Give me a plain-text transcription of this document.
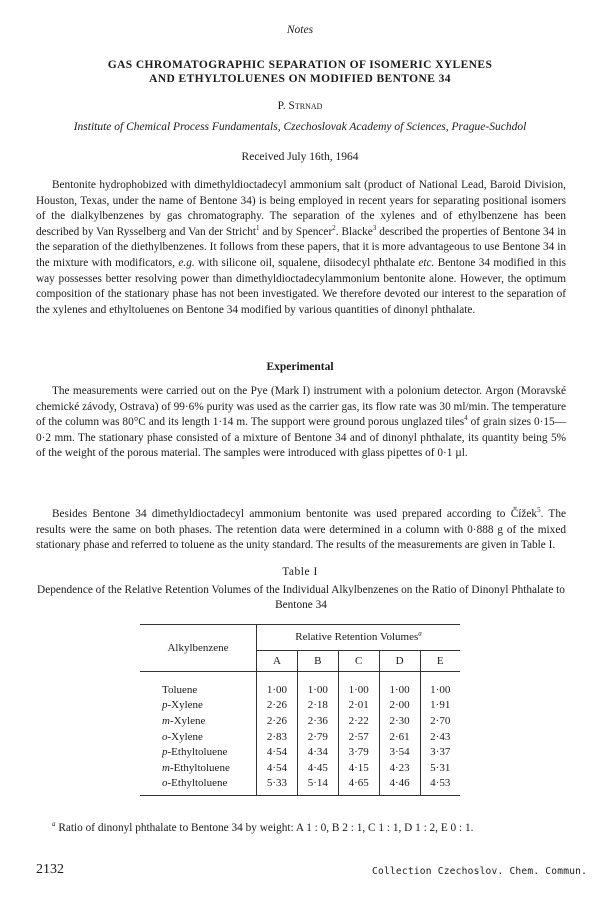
Notes
GAS CHROMATOGRAPHIC SEPARATION OF ISOMERIC XYLENES
AND ETHYLTOLUENES ON MODIFIED BENTONE 34
P. Strnad
Institute of Chemical Process Fundamentals, Czechoslovak Academy of Sciences, Prague-Suchdol
Received July 16th, 1964

Bentonite hydrophobized with dimethyldioctadecyl ammonium salt (product of National Lead, Baroid Division, Houston, Texas, under the name of Bentone 34) is being employed in recent years for separating positional isomers of the dialkylbenzenes by gas chromatography. The separation of the xylenes and of ethylbenzene has been described by Van Rysselberg and Van der Stricht$^1$ and by Spencer$^2$. Blacke$^3$ described the properties of Bentone 34 in the separation of the diethylbenzenes. It follows from these papers, that it is more advantageous to use Bentone 34 in the mixture with modificators, e.g. with silicone oil, squalene, diisodecyl phthalate etc. Bentone 34 modified in this way possesses better resolving power than dimethyldioctadecylammonium bentonite alone. However, the optimum composition of the stationary phase has not been investigated. We therefore devoted our interest to the separation of the xylenes and ethyltoluenes on Bentone 34 modified by various quantities of dinonyl phthalate.

Experimental

The measurements were carried out on the Pye (Mark I) instrument with a polonium detector. Argon (Moravské chemické závody, Ostrava) of 99·6% purity was used as the carrier gas, its flow rate was 30 ml/min. The temperature of the column was 80°C and its length 1·14 m. The support were ground porous unglazed tiles$^4$ of grain sizes 0·15—0·2 mm. The stationary phase consisted of a mixture of Bentone 34 and of dinonyl phthalate, its quantity being 5% of the weight of the porous material. The samples were introduced with glass pipettes of 0·1 µl.

Besides Bentone 34 dimethyldioctadecyl ammonium bentonite was used prepared according to Čížek$^5$. The results were the same on both phases. The retention data were determined in a column with 0·888 g of the mixed stationary phase and referred to toluene as the unity standard. The results of the measurements are given in Table I.

Table I
Dependence of the Relative Retention Volumes of the Individual Alkylbenzenes on the Ratio of Dinonyl Phthalate to Bentone 34
Alkylbenzene	Relative Retention Volumes$^a$
	A	B	C	D	E
Toluene	1·00	1·00	1·00	1·00	1·00
p-Xylene	2·26	2·18	2·01	2·00	1·91
m-Xylene	2·26	2·36	2·22	2·30	2·70
o-Xylene	2·83	2·79	2·57	2·61	2·43
p-Ethyltoluene	4·54	4·34	3·79	3·54	3·37
m-Ethyltoluene	4·54	4·45	4·15	4·23	5·31
o-Ethyltoluene	5·33	5·14	4·65	4·46	4·53
$^a$ Ratio of dinonyl phthalate to Bentone 34 by weight: A 1 : 0, B 2 : 1, C 1 : 1, D 1 : 2, E 0 : 1.
2132	Collection Czechoslov. Chem. Commun.
